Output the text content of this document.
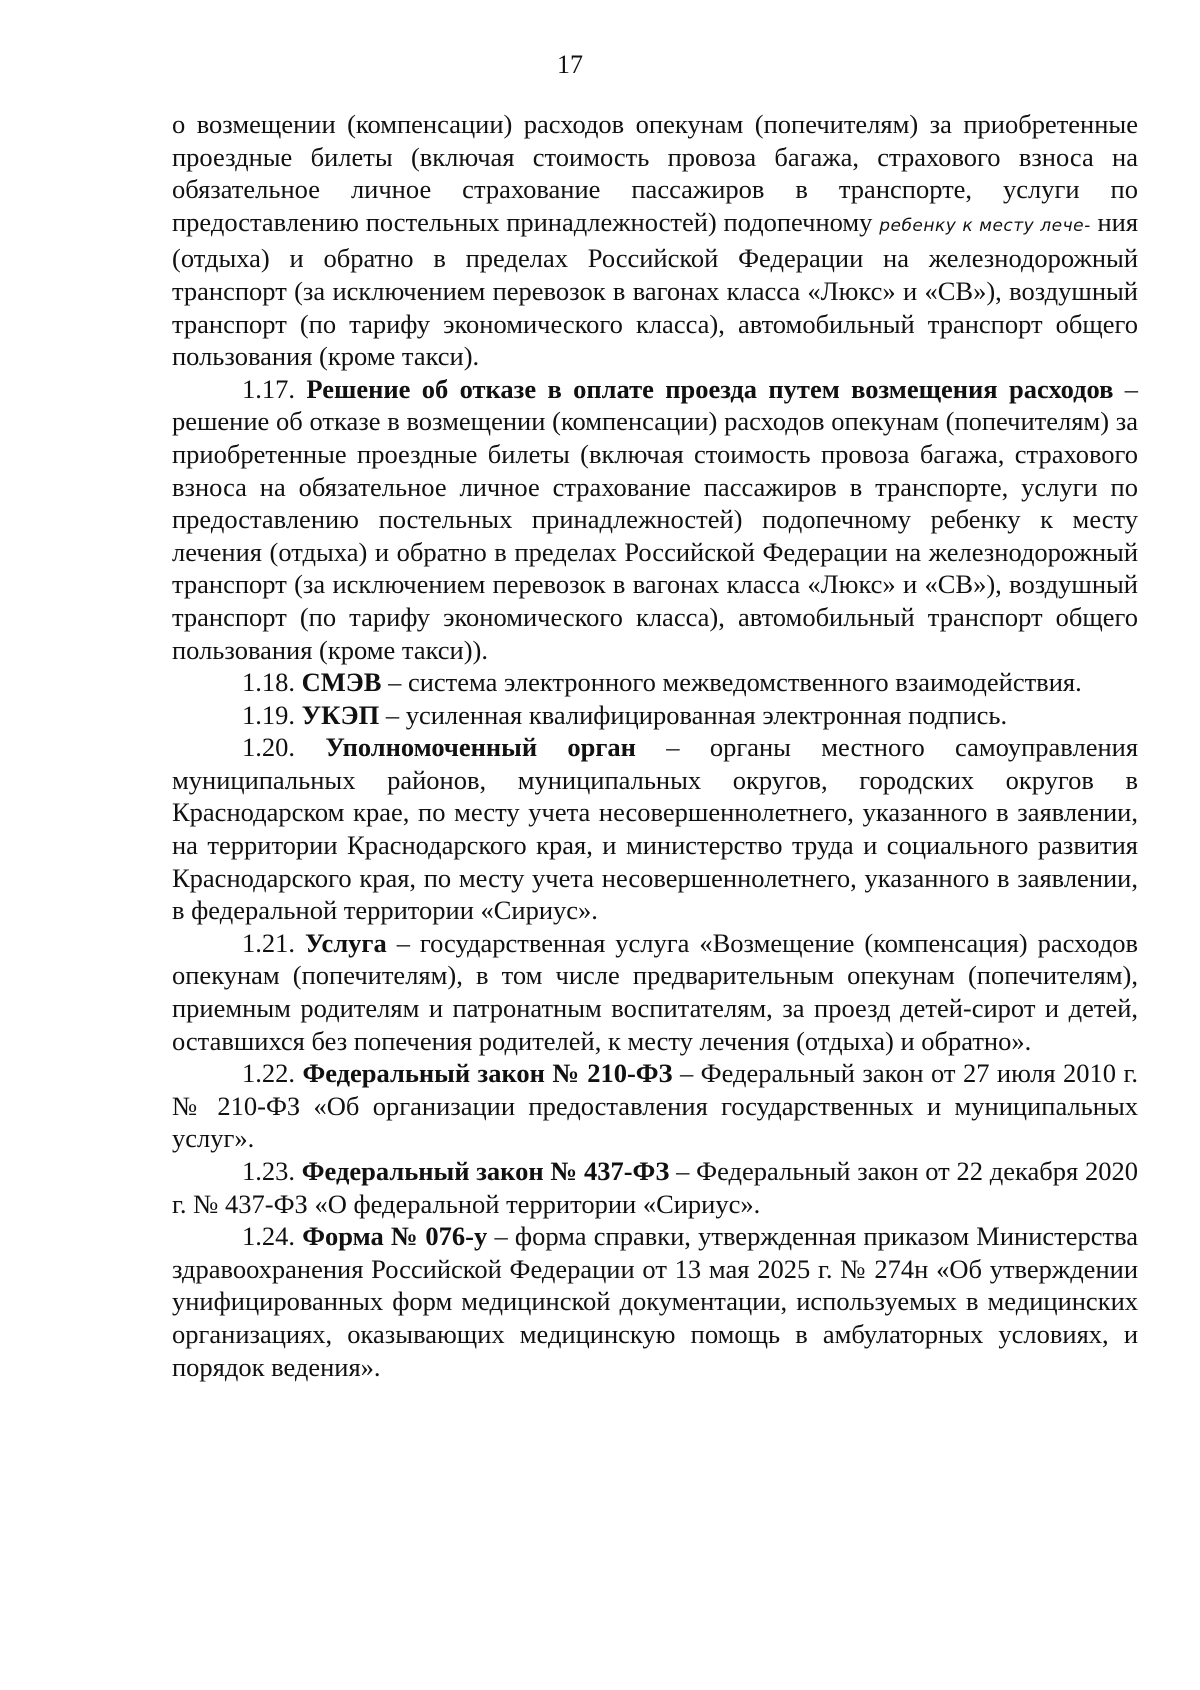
17

о возмещении (компенсации) расходов опекунам (попечителям) за приобретенные проездные билеты (включая стоимость провоза багажа, страхового взноса на обязательное личное страхование пассажиров в транспорте, услуги по предоставлению постельных принадлежностей) подопечному ребенку к месту лече- ния (отдыха) и обратно в пределах Российской Федерации на железнодорожный транспорт (за исключением перевозок в вагонах класса «Люкс» и «СВ»), воздушный транспорт (по тарифу экономического класса), автомобильный транспорт общего пользования (кроме такси).

1.17. Решение об отказе в оплате проезда путем возмещения расходов – решение об отказе в возмещении (компенсации) расходов опекунам (попечителям) за приобретенные проездные билеты (включая стоимость провоза багажа, страхового взноса на обязательное личное страхование пассажиров в транспорте, услуги по предоставлению постельных принадлежностей) подопечному ребенку к месту лечения (отдыха) и обратно в пределах Российской Федерации на железнодорожный транспорт (за исключением перевозок в вагонах класса «Люкс» и «СВ»), воздушный транспорт (по тарифу экономического класса), автомобильный транспорт общего пользования (кроме такси)).

1.18. СМЭВ – система электронного межведомственного взаимодействия.

1.19. УКЭП – усиленная квалифицированная электронная подпись.

1.20. Уполномоченный орган – органы местного самоуправления муниципальных районов, муниципальных округов, городских округов в Краснодарском крае, по месту учета несовершеннолетнего, указанного в заявлении, на территории Краснодарского края, и министерство труда и социального развития Краснодарского края, по месту учета несовершеннолетнего, указанного в заявлении, в федеральной территории «Сириус».

1.21. Услуга – государственная услуга «Возмещение (компенсация) расходов опекунам (попечителям), в том числе предварительным опекунам (попечителям), приемным родителям и патронатным воспитателям, за проезд детей-сирот и детей, оставшихся без попечения родителей, к месту лечения (отдыха) и обратно».

1.22. Федеральный закон № 210-ФЗ – Федеральный закон от 27 июля 2010 г. № 210-ФЗ «Об организации предоставления государственных и муниципальных услуг».

1.23. Федеральный закон № 437-ФЗ – Федеральный закон от 22 декабря 2020 г. № 437-ФЗ «О федеральной территории «Сириус».

1.24. Форма № 076-у – форма справки, утвержденная приказом Министерства здравоохранения Российской Федерации от 13 мая 2025 г. № 274н «Об утверждении унифицированных форм медицинской документации, используемых в медицинских организациях, оказывающих медицинскую помощь в амбулаторных условиях, и порядок ведения».
